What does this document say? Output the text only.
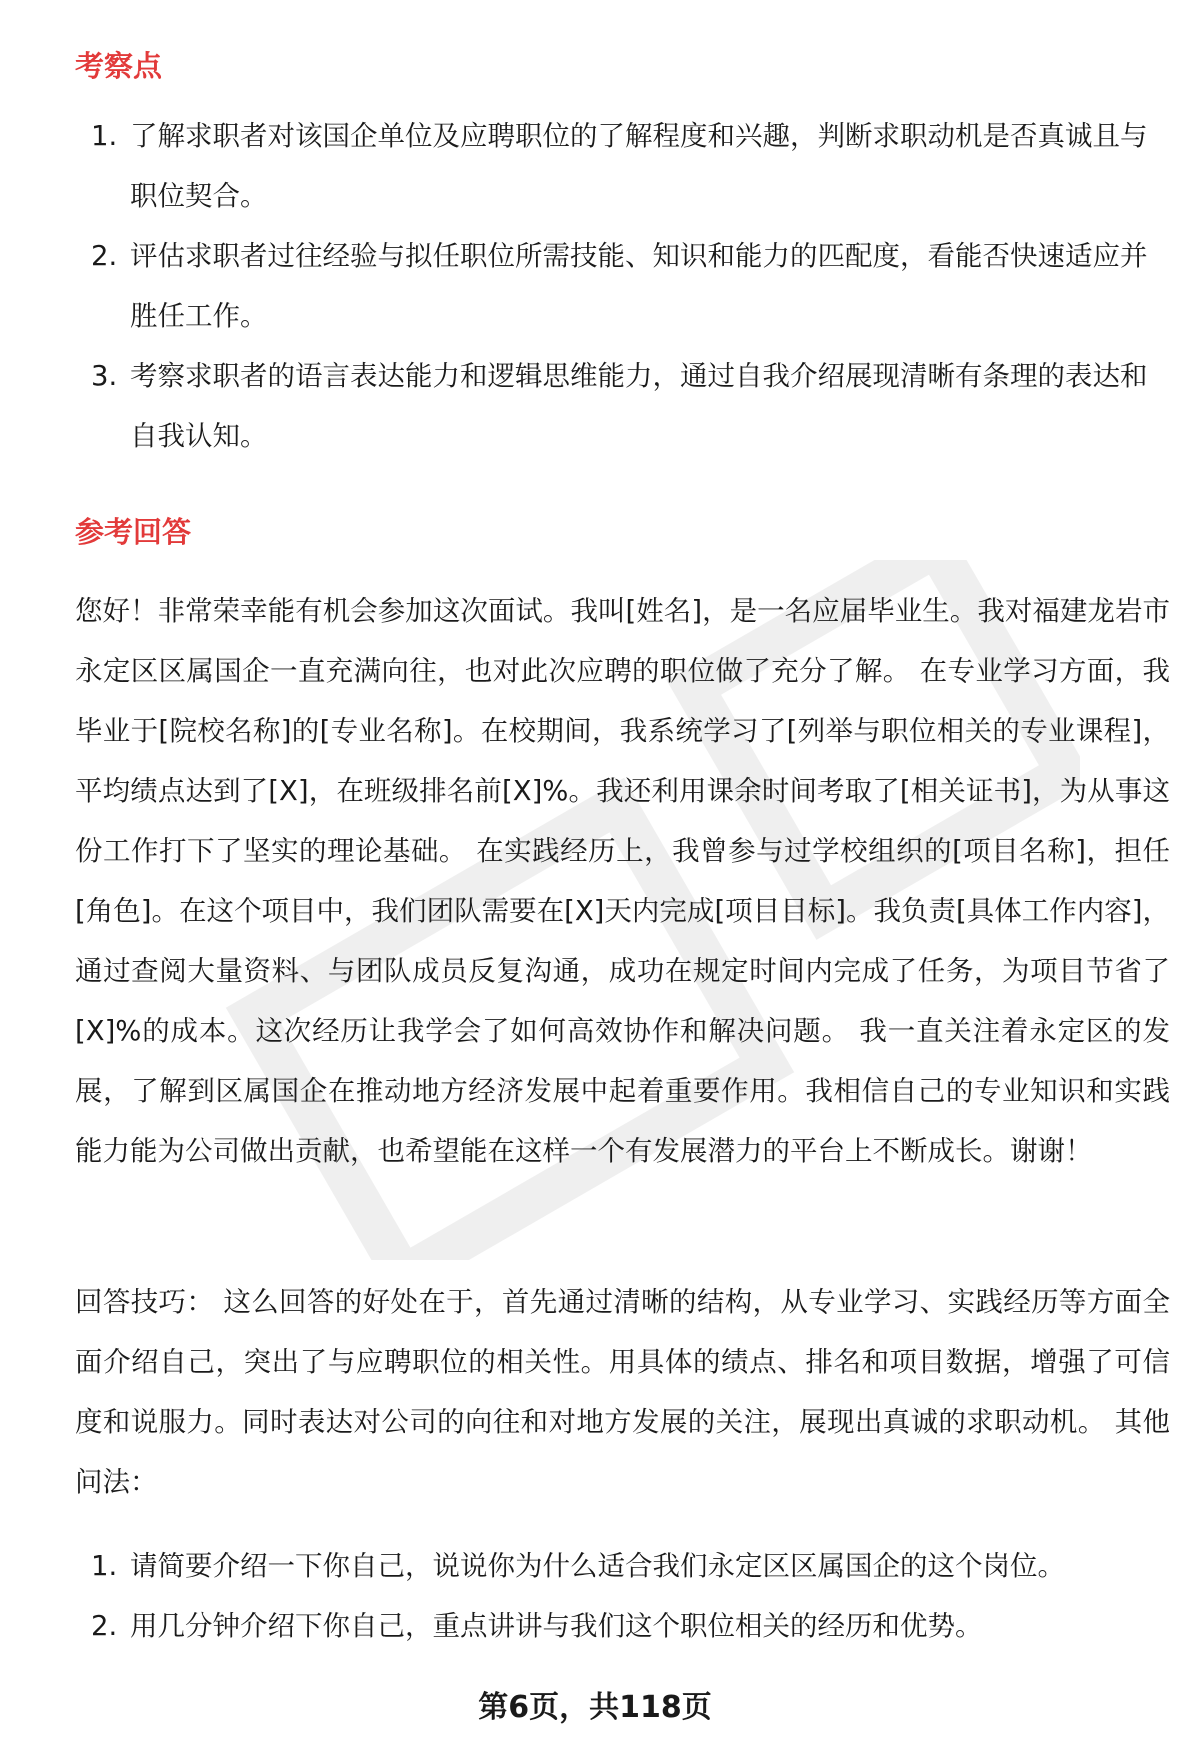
考察点
1. 了解求职者对该国企单位及应聘职位的了解程度和兴趣，判断求职动机是否真诚且与职位契合。
2. 评估求职者过往经验与拟任职位所需技能、知识和能力的匹配度，看能否快速适应并胜任工作。
3. 考察求职者的语言表达能力和逻辑思维能力，通过自我介绍展现清晰有条理的表达和自我认知。
参考回答

您好！非常荣幸能有机会参加这次面试。我叫[姓名]，是一名应届毕业生。我对福建龙岩市永定区区属国企一直充满向往，也对此次应聘的职位做了充分了解。 在专业学习方面，我毕业于[院校名称]的[专业名称]。在校期间，我系统学习了[列举与职位相关的专业课程]，平均绩点达到了[X]，在班级排名前[X]%。我还利用课余时间考取了[相关证书]，为从事这份工作打下了坚实的理论基础。 在实践经历上，我曾参与过学校组织的[项目名称]，担任[角色]。在这个项目中，我们团队需要在[X]天内完成[项目目标]。我负责[具体工作内容]，通过查阅大量资料、与团队成员反复沟通，成功在规定时间内完成了任务，为项目节省了[X]%的成本。这次经历让我学会了如何高效协作和解决问题。 我一直关注着永定区的发展，了解到区属国企在推动地方经济发展中起着重要作用。我相信自己的专业知识和实践能力能为公司做出贡献，也希望能在这样一个有发展潜力的平台上不断成长。谢谢！

回答技巧： 这么回答的好处在于，首先通过清晰的结构，从专业学习、实践经历等方面全面介绍自己，突出了与应聘职位的相关性。用具体的绩点、排名和项目数据，增强了可信度和说服力。同时表达对公司的向往和对地方发展的关注，展现出真诚的求职动机。 其他问法：

1. 请简要介绍一下你自己，说说你为什么适合我们永定区区属国企的这个岗位。
2. 用几分钟介绍下你自己，重点讲讲与我们这个职位相关的经历和优势。
第6页，共118页
